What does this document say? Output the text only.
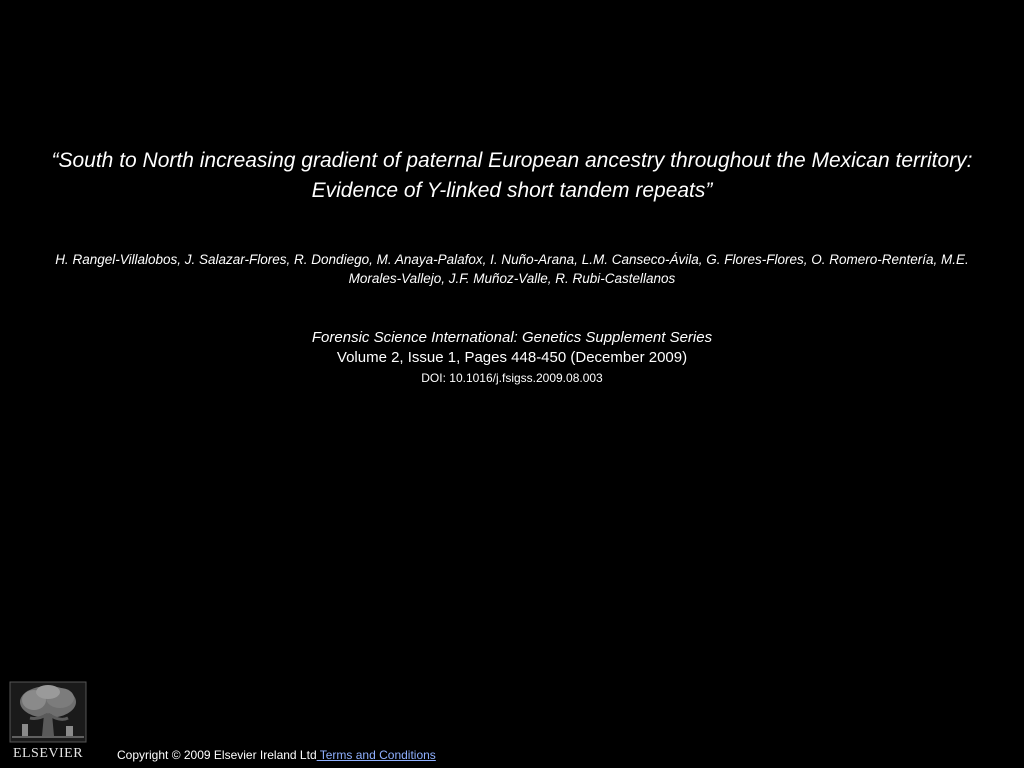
“South to North increasing gradient of paternal European ancestry throughout the Mexican territory: Evidence of Y-linked short tandem repeats”

H. Rangel-Villalobos, J. Salazar-Flores, R. Dondiego, M. Anaya-Palafox, I. Nuño-Arana, L.M. Canseco-Ávila, G. Flores-Flores, O. Romero-Rentería, M.E. Morales-Vallejo, J.F. Muñoz-Valle, R. Rubi-Castellanos

Forensic Science International: Genetics Supplement Series

Volume 2, Issue 1, Pages 448-450 (December 2009)

DOI: 10.1016/j.fsigss.2009.08.003

ELSEVIER	Copyright © 2009 Elsevier Ireland Ltd Terms and Conditions
